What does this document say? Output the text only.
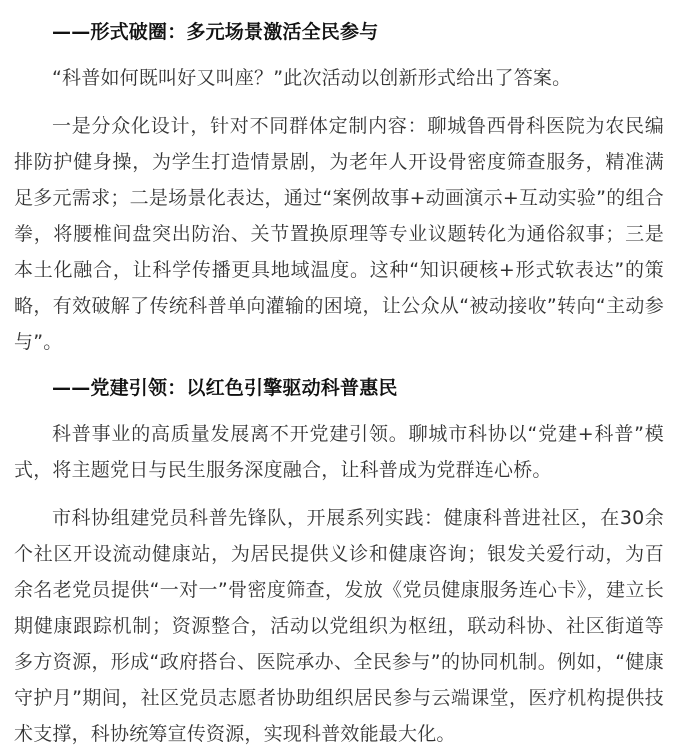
——形式破圈：多元场景激活全民参与

“科普如何既叫好又叫座？”此次活动以创新形式给出了答案。

一是分众化设计，针对不同群体定制内容：聊城鲁西骨科医院为农民编排防护健身操，为学生打造情景剧，为老年人开设骨密度筛查服务，精准满足多元需求；二是场景化表达，通过“案例故事+动画演示+互动实验”的组合拳，将腰椎间盘突出防治、关节置换原理等专业议题转化为通俗叙事；三是本土化融合，让科学传播更具地域温度。这种“知识硬核+形式软表达”的策略，有效破解了传统科普单向灌输的困境，让公众从“被动接收”转向“主动参与”。

——党建引领：以红色引擎驱动科普惠民

科普事业的高质量发展离不开党建引领。聊城市科协以“党建+科普”模式，将主题党日与民生服务深度融合，让科普成为党群连心桥。

市科协组建党员科普先锋队，开展系列实践：健康科普进社区，在30余个社区开设流动健康站，为居民提供义诊和健康咨询；银发关爱行动，为百余名老党员提供“一对一”骨密度筛查，发放《党员健康服务连心卡》，建立长期健康跟踪机制；资源整合，活动以党组织为枢纽，联动科协、社区街道等多方资源，形成“政府搭台、医院承办、全民参与”的协同机制。例如，“健康守护月”期间，社区党员志愿者协助组织居民参与云端课堂，医疗机构提供技术支撑，科协统筹宣传资源，实现科普效能最大化。
